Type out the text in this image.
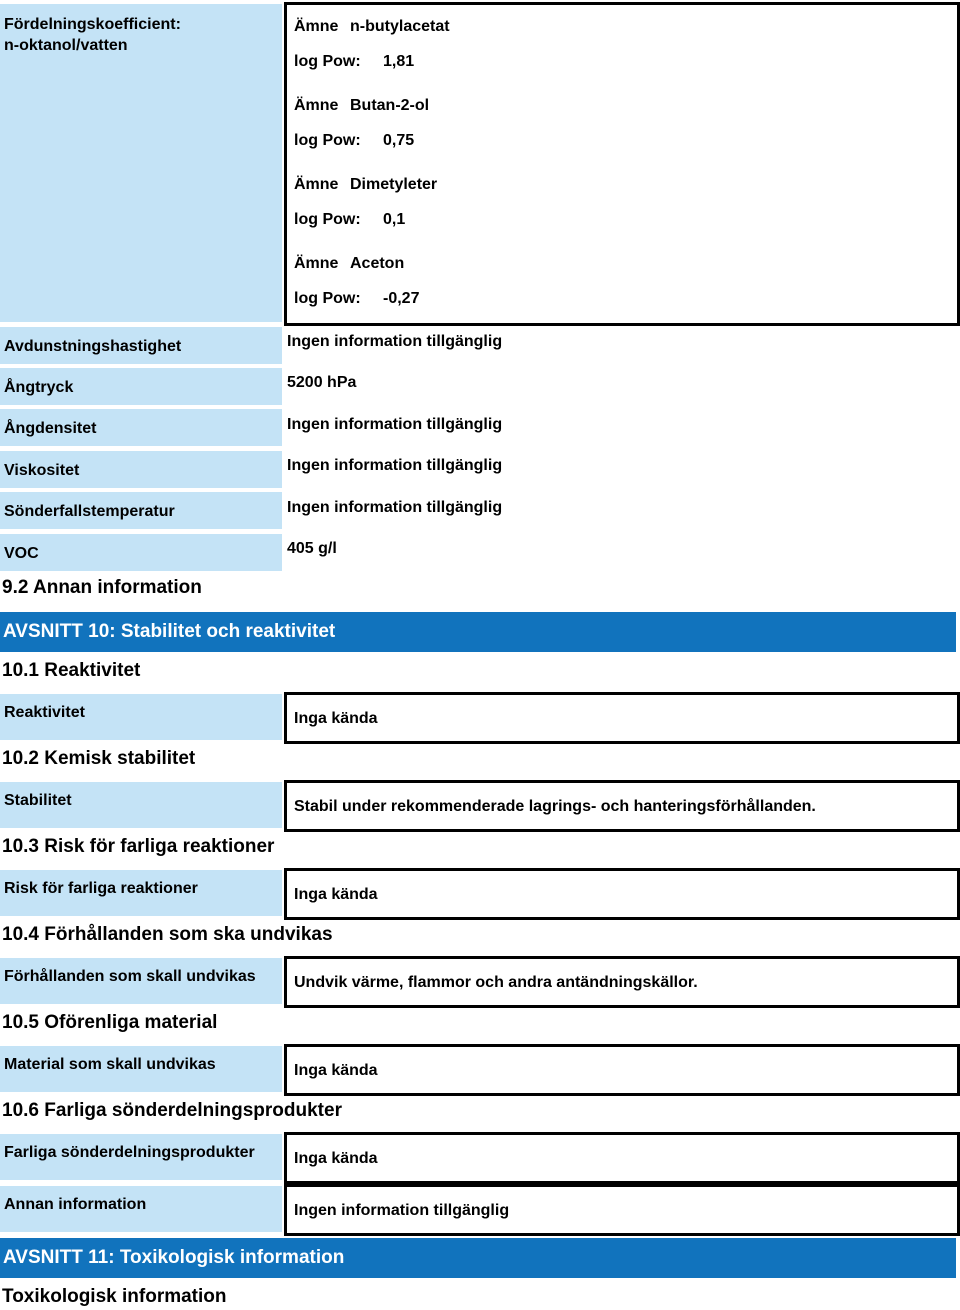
Fördelningskoefficient:
n-oktanol/vatten
Ämne n-butylacetat
log Pow: 1,81
Ämne Butan-2-ol
log Pow: 0,75
Ämne Dimetyleter
log Pow: 0,1
Ämne Aceton
log Pow: -0,27
Avdunstningshastighet	Ingen information tillgänglig
Ångtryck	5200 hPa
Ångdensitet	Ingen information tillgänglig
Viskositet	Ingen information tillgänglig
Sönderfallstemperatur	Ingen information tillgänglig
VOC	405 g/l
9.2 Annan information
AVSNITT 10: Stabilitet och reaktivitet
10.1 Reaktivitet
Reaktivitet	Inga kända
10.2 Kemisk stabilitet
Stabilitet	Stabil under rekommenderade lagrings- och hanteringsförhållanden.
10.3 Risk för farliga reaktioner
Risk för farliga reaktioner	Inga kända
10.4 Förhållanden som ska undvikas
Förhållanden som skall undvikas	Undvik värme, flammor och andra antändningskällor.
10.5 Oförenliga material
Material som skall undvikas	Inga kända
10.6 Farliga sönderdelningsprodukter
Farliga sönderdelningsprodukter	Inga kända
Annan information	Ingen information tillgänglig
AVSNITT 11: Toxikologisk information
Toxikologisk information
